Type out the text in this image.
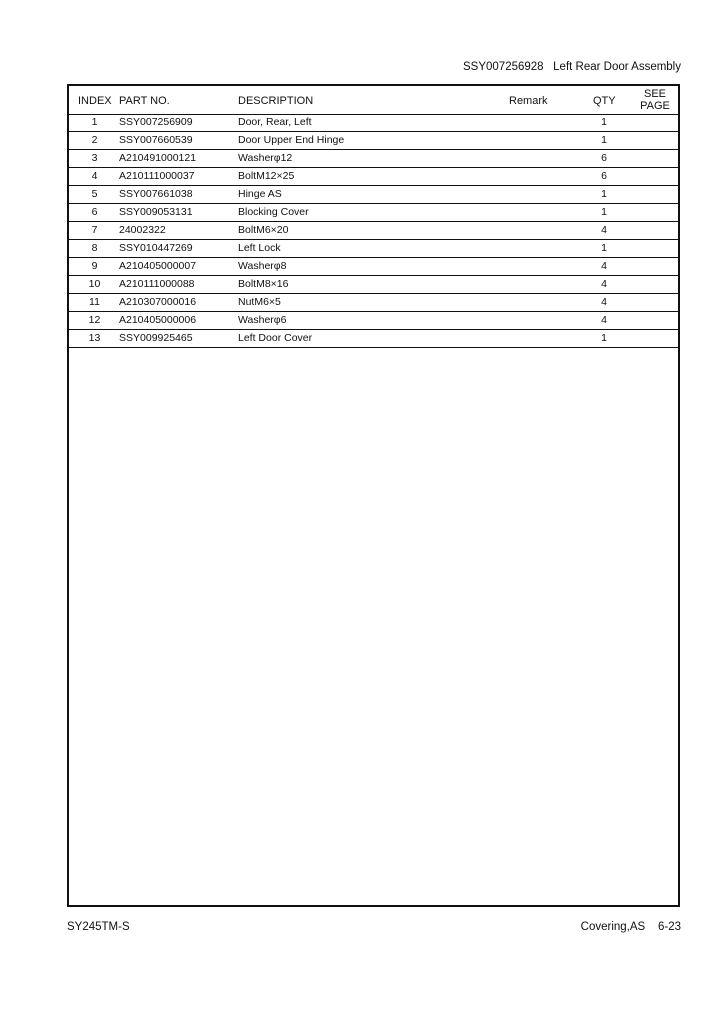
SSY007256928   Left Rear Door Assembly
INDEX PART NO.	DESCRIPTION	Remark	QTY
SEE
PAGE
1	SSY007256909	Door, Rear, Left	1
2	SSY007660539	Door Upper End Hinge	1
3	A210491000121	Washerφ12	6
4	A210111000037	BoltM12×25	6
5	SSY007661038	Hinge AS	1
6	SSY009053131	Blocking Cover	1
7	24002322	BoltM6×20	4
8	SSY010447269	Left Lock	1
9	A210405000007	Washerφ8	4
10	A210111000088	BoltM8×16	4
11	A210307000016	NutM6×5	4
12	A210405000006	Washerφ6	4
13	SSY009925465	Left Door Cover	1
SY245TM-S	Covering,AS    6-23
